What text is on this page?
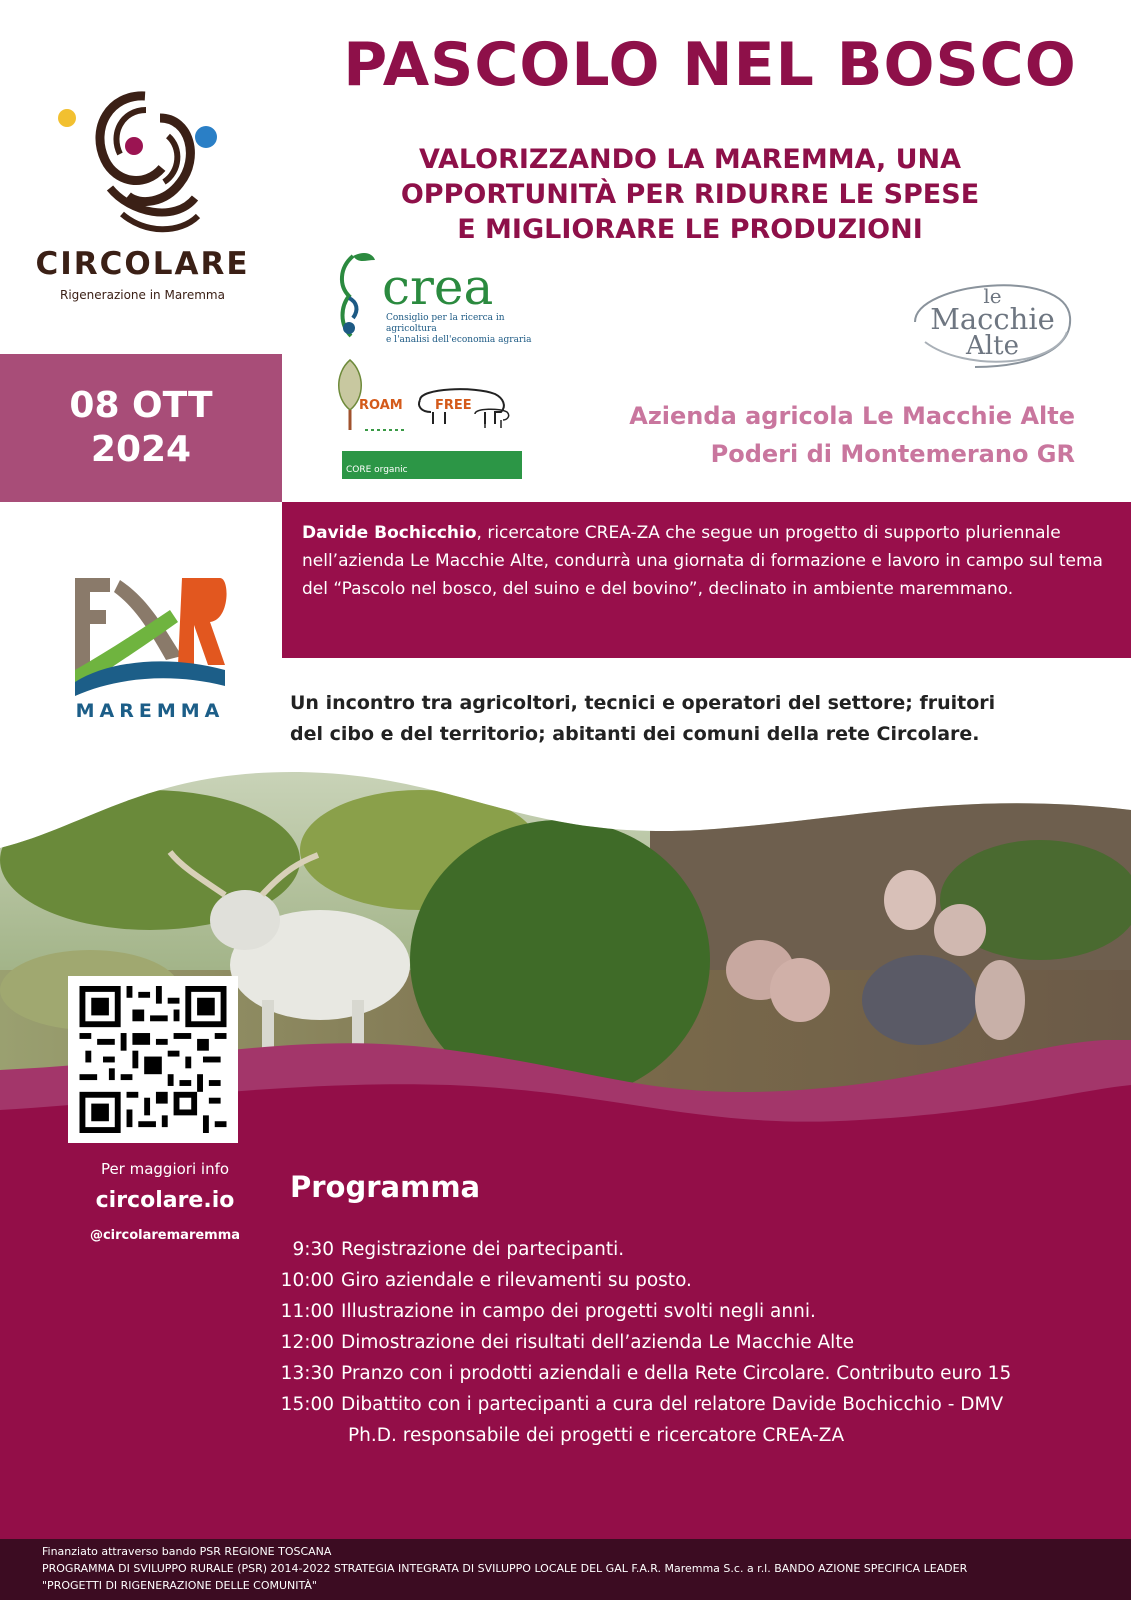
PASCOLO NEL BOSCO
VALORIZZANDO LA MAREMMA, UNA
OPPORTUNITÀ PER RIDURRE LE SPESE
E MIGLIORARE LE PRODUZIONI
CIRCOLARE
Rigenerazione in Maremma	crea
Consiglio per la ricerca in agricoltura
e l'analisi dell'economia agraria
le
Macchie
Alte
ROAM FREE
CORE organic
08 OTT
2024
Azienda agricola Le Macchie Alte
Poderi di Montemerano GR

Davide Bochicchio, ricercatore CREA-ZA che segue un progetto di supporto pluriennale nell’azienda Le Macchie Alte, condurrà una giornata di formazione e lavoro in campo sul tema del “Pascolo nel bosco, del suino e del bovino”, declinato in ambiente maremmano.

MAREMMA	Un incontro tra agricoltori, tecnici e operatori del settore; fruitori
del cibo e del territorio; abitanti dei comuni della rete Circolare.
Per maggiori info
circolare.io
@circolaremaremma
Programma
9:30 Registrazione dei partecipanti.
10:00 Giro aziendale e rilevamenti su posto.
11:00 Illustrazione in campo dei progetti svolti negli anni.
12:00 Dimostrazione dei risultati dell’azienda Le Macchie Alte
13:30 Pranzo con i prodotti aziendali e della Rete Circolare. Contributo euro 15
15:00 Dibattito con i partecipanti a cura del relatore Davide Bochicchio - DMV
Ph.D. responsabile dei progetti e ricercatore CREA-ZA
Finanziato attraverso bando PSR REGIONE TOSCANA
PROGRAMMA DI SVILUPPO RURALE (PSR) 2014-2022 STRATEGIA INTEGRATA DI SVILUPPO LOCALE DEL GAL F.A.R. Maremma S.c. a r.l. BANDO AZIONE SPECIFICA LEADER
"PROGETTI DI RIGENERAZIONE DELLE COMUNITÀ"
